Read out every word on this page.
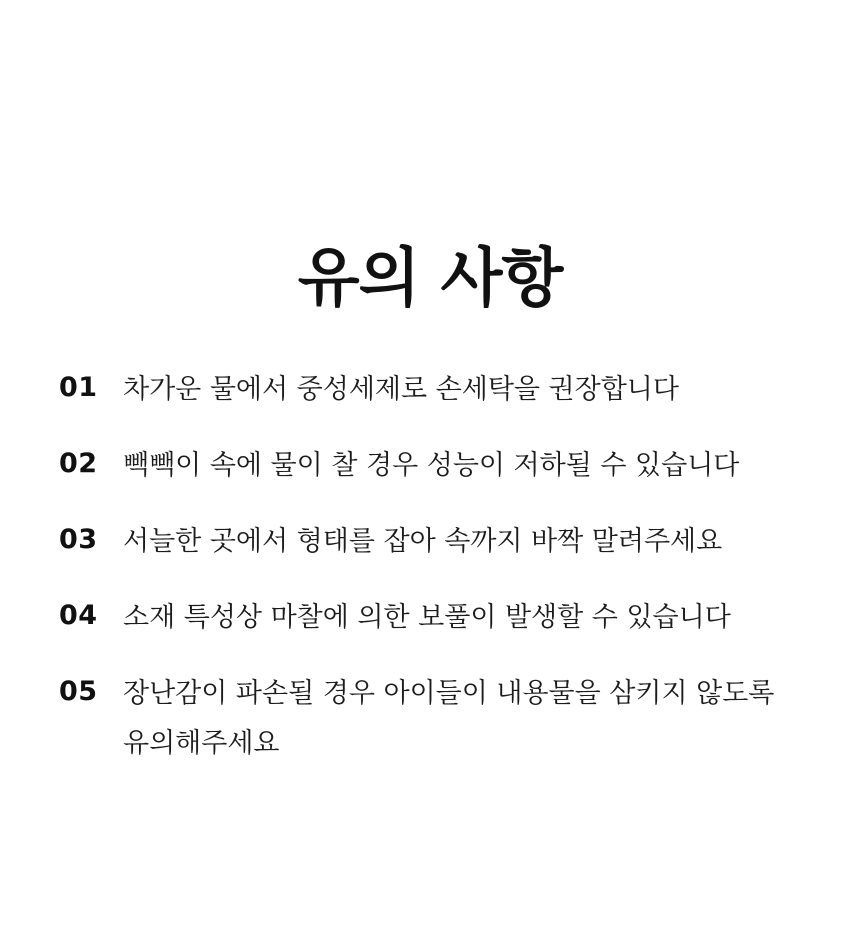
유의 사항
01 차가운 물에서 중성세제로 손세탁을 권장합니다
02 빽빽이 속에 물이 찰 경우 성능이 저하될 수 있습니다
03 서늘한 곳에서 형태를 잡아 속까지 바짝 말려주세요
04 소재 특성상 마찰에 의한 보풀이 발생할 수 있습니다
05 장난감이 파손될 경우 아이들이 내용물을 삼키지 않도록
유의해주세요
